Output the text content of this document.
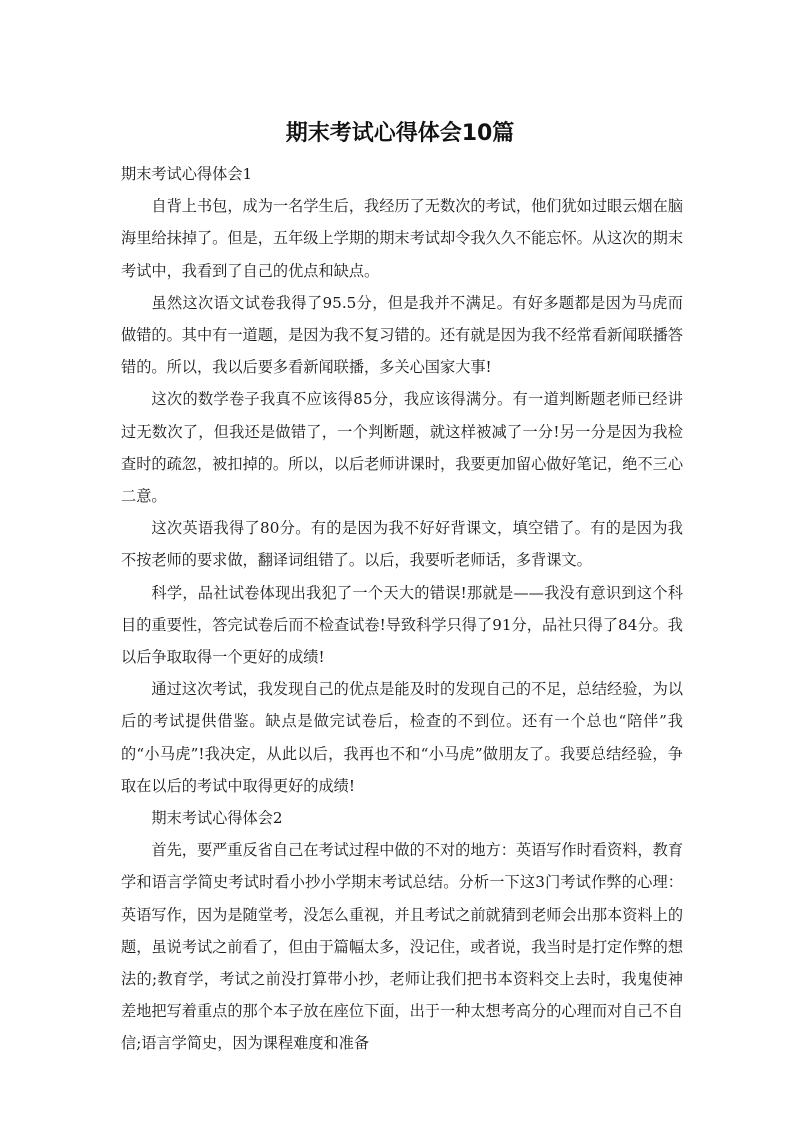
期末考试心得体会10篇

期末考试心得体会1

自背上书包，成为一名学生后，我经历了无数次的考试，他们犹如过眼云烟在脑海里给抹掉了。但是，五年级上学期的期末考试却令我久久不能忘怀。从这次的期末考试中，我看到了自己的优点和缺点。

虽然这次语文试卷我得了95.5分，但是我并不满足。有好多题都是因为马虎而做错的。其中有一道题，是因为我不复习错的。还有就是因为我不经常看新闻联播答错的。所以，我以后要多看新闻联播，多关心国家大事!

这次的数学卷子我真不应该得85分，我应该得满分。有一道判断题老师已经讲过无数次了，但我还是做错了，一个判断题，就这样被减了一分!另一分是因为我检查时的疏忽，被扣掉的。所以，以后老师讲课时，我要更加留心做好笔记，绝不三心二意。

这次英语我得了80分。有的是因为我不好好背课文，填空错了。有的是因为我不按老师的要求做，翻译词组错了。以后，我要听老师话，多背课文。

科学，品社试卷体现出我犯了一个天大的错误!那就是——我没有意识到这个科目的重要性，答完试卷后而不检查试卷!导致科学只得了91分，品社只得了84分。我以后争取取得一个更好的成绩!

通过这次考试，我发现自己的优点是能及时的发现自己的不足，总结经验，为以后的考试提供借鉴。缺点是做完试卷后，检查的不到位。还有一个总也“陪伴”我的“小马虎”!我决定，从此以后，我再也不和“小马虎”做朋友了。我要总结经验，争取在以后的考试中取得更好的成绩!

期末考试心得体会2

首先，要严重反省自己在考试过程中做的不对的地方：英语写作时看资料，教育学和语言学简史考试时看小抄小学期末考试总结。分析一下这3门考试作弊的心理：英语写作，因为是随堂考，没怎么重视，并且考试之前就猜到老师会出那本资料上的题，虽说考试之前看了，但由于篇幅太多，没记住，或者说，我当时是打定作弊的想法的;教育学，考试之前没打算带小抄，老师让我们把书本资料交上去时，我鬼使神差地把写着重点的那个本子放在座位下面，出于一种太想考高分的心理而对自己不自信;语言学简史，因为课程难度和准备
